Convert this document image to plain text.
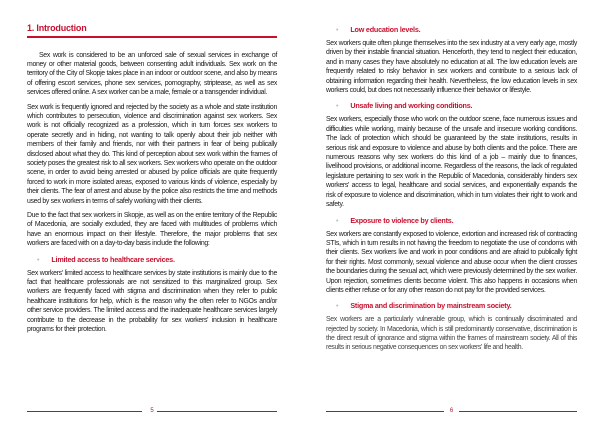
1. Introduction

Sex work is considered to be an unforced sale of sexual services in exchange of money or other material goods, between consenting adult individuals. Sex work on the territory of the City of Skopje takes place in an indoor or outdoor scene, and also by means of offering escort services, phone sex services, pornography, striptease, as well as sex services offered online. A sex worker can be a male, female or a transgender individual.

Sex work is frequently ignored and rejected by the society as a whole and state institution which contributes to persecution, violence and discrimination against sex workers. Sex work is not officially recognized as a profession, which in turn forces sex workers to operate secretly and in hiding, not wanting to talk openly about their job neither with members of their family and friends, nor with their partners in fear of being publically disclosed about what they do. This kind of perception about sex work within the frames of society poses the greatest risk to all sex workers. Sex workers who operate on the outdoor scene, in order to avoid being arrested or abused by police officials are quite frequently forced to work in more isolated areas, exposed to various kinds of violence, especially by their clients. The fear of arrest and abuse by the police also restricts the time and methods used by sex workers in terms of safely working with their clients.

Due to the fact that sex workers in Skopje, as well as on the entire territory of the Republic of Macedonia, are socially excluded, they are faced with multitudes of problems which have an enormous impact on their lifestyle. Therefore, the major problems that sex workers are faced with on a day-to-day basis include the following:

• Limited access to healthcare services.

Sex workers' limited access to healthcare services by state institutions is mainly due to the fact that healthcare professionals are not sensitized to this marginalized group. Sex workers are frequently faced with stigma and discrimination when they refer to public healthcare institutions for help, which is the reason why the often refer to NGOs and/or other service providers. The limited access and the inadequate healthcare services largely contribute to the decrease in the probability for sex workers' inclusion in healthcare programs for their protection.

5
• Low education levels.

Sex workers quite often plunge themselves into the sex industry at a very early age, mostly driven by their instable financial situation. Henceforth, they tend to neglect their education, and in many cases they have absolutely no education at all. The low education levels are frequently related to risky behavior in sex workers and contribute to a serious lack of obtaining information regarding their health. Nevertheless, the low education levels in sex workers could, but does not necessarily influence their behavior or lifestyle.

• Unsafe living and working conditions.

Sex workers, especially those who work on the outdoor scene, face numerous issues and difficulties while working, mainly because of the unsafe and insecure working conditions. The lack of protection which should be guaranteed by the state institutions, results in serious risk and exposure to violence and abuse by both clients and the police. There are numerous reasons why sex workers do this kind of a job – mainly due to finances, livelihood provisions, or additional income. Regardless of the reasons, the lack of regulated legislature pertaining to sex work in the Republic of Macedonia, considerably hinders sex workers' access to legal, healthcare and social services, and exponentially expands the risk of exposure to violence and discrimination, which in turn violates their right to work and safety.

• Exposure to violence by clients.

Sex workers are constantly exposed to violence, extortion and increased risk of contracting STIs, which in turn results in not having the freedom to negotiate the use of condoms with their clients. Sex workers live and work in poor conditions and are afraid to publically fight for their rights. Most commonly, sexual violence and abuse occur when the client crosses the boundaries during the sexual act, which were previously determined by the sex worker. Upon rejection, sometimes clients become violent. This also happens in occasions when clients either refuse or for any other reason do not pay for the provided services.

• Stigma and discrimination by mainstream society.

Sex workers are a particularly vulnerable group, which is continually discriminated and rejected by society. In Macedonia, which is still predominantly conservative, discrimination is the direct result of ignorance and stigma within the frames of mainstream society. All of this results in serious negative consequences on sex workers' life and health.

6
